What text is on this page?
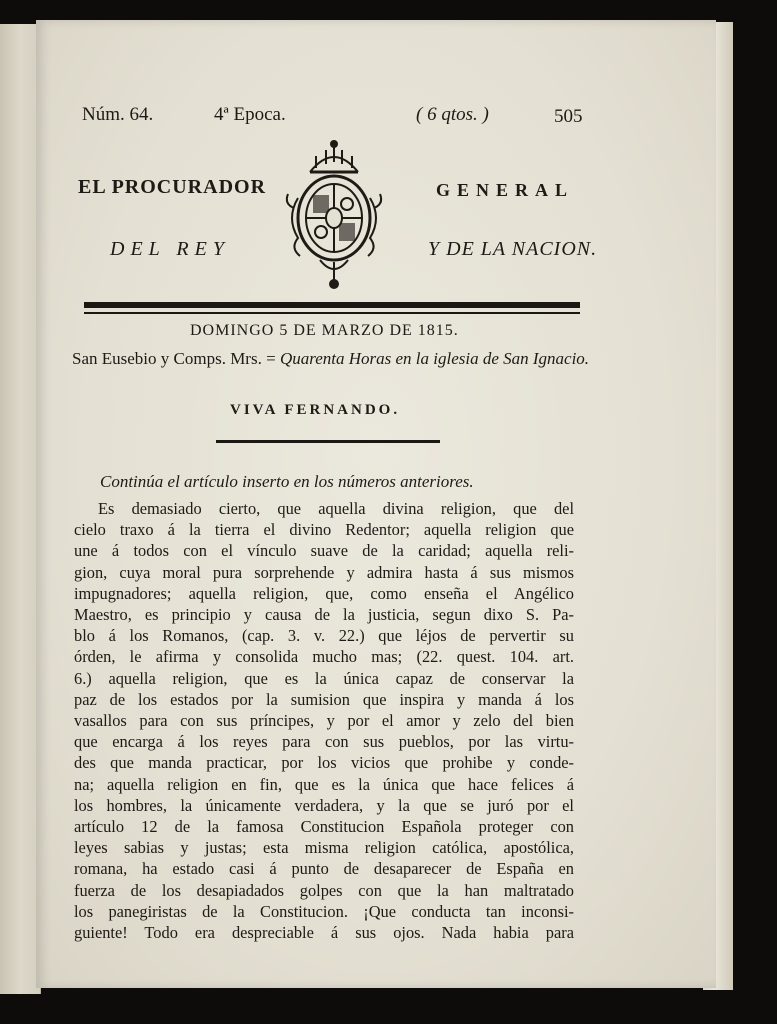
Núm. 64.	4ª Epoca.	( 6 qtos. )	505
EL PROCURADOR	GENERAL
DEL REY	Y DE LA NACION.
DOMINGO 5 DE MARZO DE 1815.
San Eusebio y Comps. Mrs. = Quarenta Horas en la iglesia de San Ignacio.
VIVA FERNANDO.
Continúa el artículo inserto en los números anteriores.
Es demasiado cierto, que aquella divina religion, que del
cielo traxo á la tierra el divino Redentor; aquella religion que
une á todos con el vínculo suave de la caridad; aquella reli-
gion, cuya moral pura sorprehende y admira hasta á sus mismos
impugnadores; aquella religion, que, como enseña el Angélico
Maestro, es principio y causa de la justicia, segun dixo S. Pa-
blo á los Romanos, (cap. 3. v. 22.) que léjos de pervertir su
órden, le afirma y consolida mucho mas; (22. quest. 104. art.
6.) aquella religion, que es la única capaz de conservar la
paz de los estados por la sumision que inspira y manda á los
vasallos para con sus príncipes, y por el amor y zelo del bien
que encarga á los reyes para con sus pueblos, por las virtu-
des que manda practicar, por los vicios que prohibe y conde-
na; aquella religion en fin, que es la única que hace felices á
los hombres, la únicamente verdadera, y la que se juró por el
artículo 12 de la famosa Constitucion Española proteger con
leyes sabias y justas; esta misma religion católica, apostólica,
romana, ha estado casi á punto de desaparecer de España en
fuerza de los desapiadados golpes con que la han maltratado
los panegiristas de la Constitucion. ¡Que conducta tan inconsi-
guiente! Todo era despreciable á sus ojos. Nada habia para
